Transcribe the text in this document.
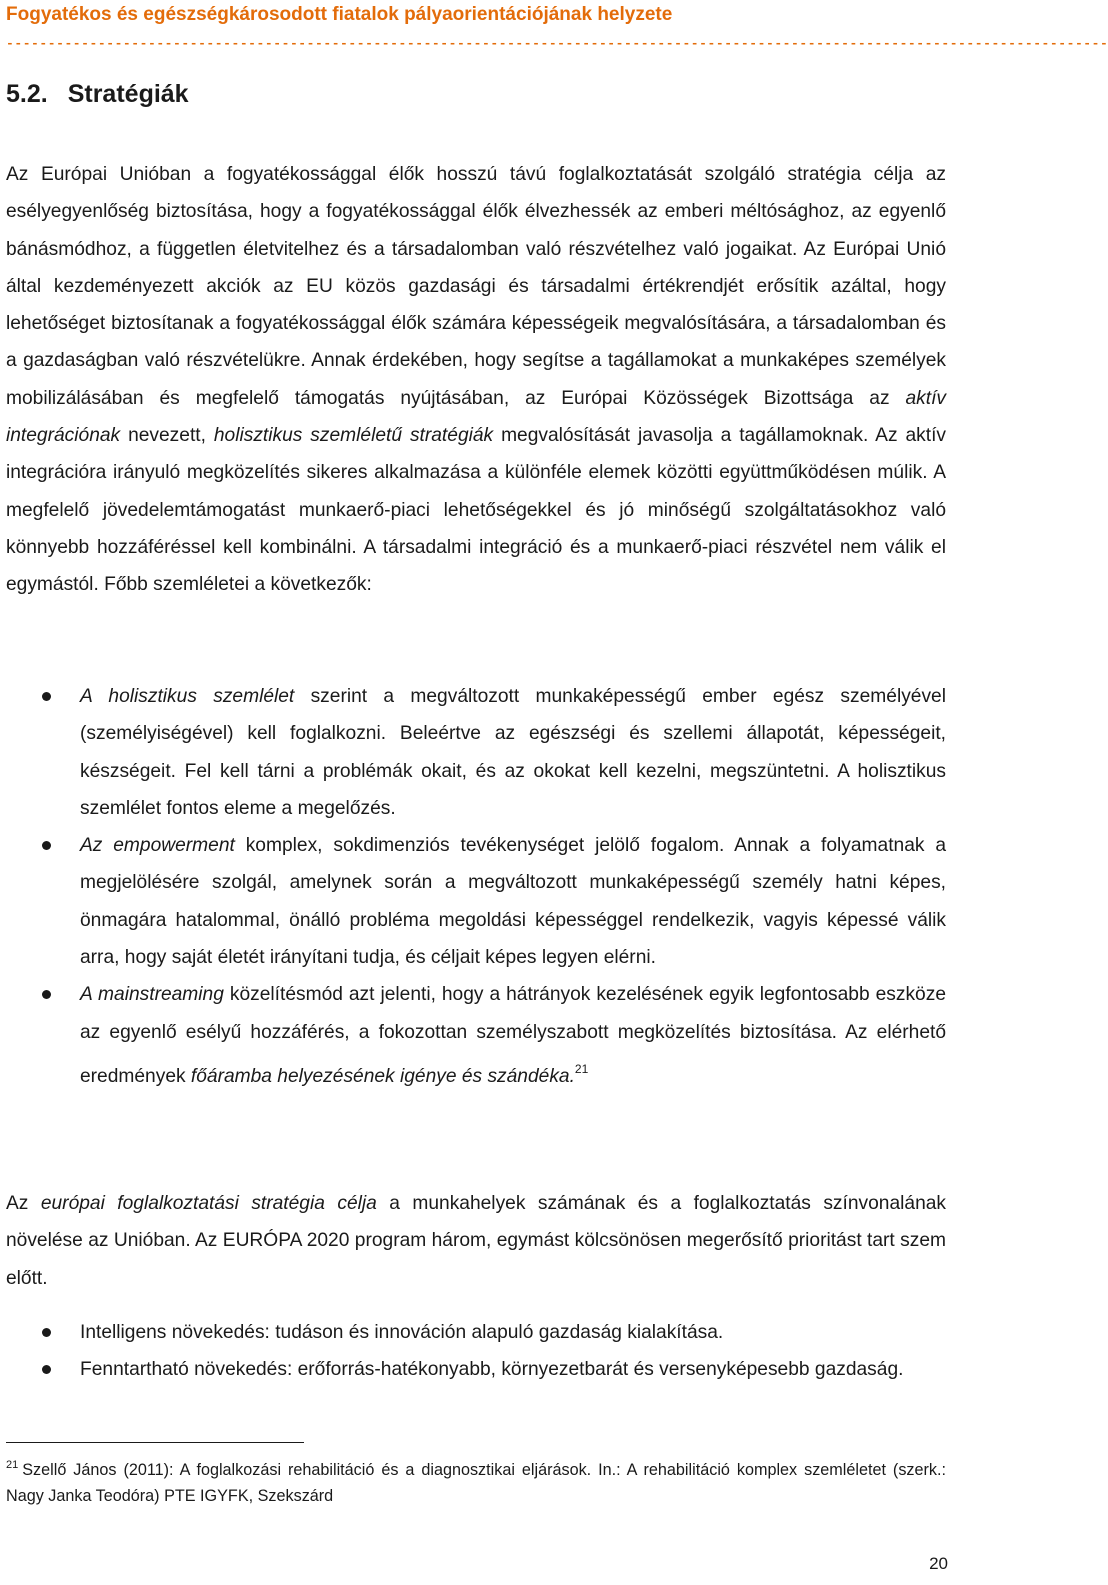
Fogyatékos és egészségkárosodott fiatalok pályaorientációjának helyzete
------------------------------------------------------------------------------------------------------------------------------------
5.2. Stratégiák
Az Európai Unióban a fogyatékossággal élők hosszú távú foglalkoztatását szolgáló stratégia célja az esélyegyenlőség biztosítása, hogy a fogyatékossággal élők élvezhessék az emberi méltósághoz, az egyenlő bánásmódhoz, a független életvitelhez és a társadalomban való részvételhez való jogaikat. Az Európai Unió által kezdeményezett akciók az EU közös gazdasági és társadalmi értékrendjét erősítik azáltal, hogy lehetőséget biztosítanak a fogyatékossággal élők számára képességeik megvalósítására, a társadalomban és a gazdaságban való részvételükre. Annak érdekében, hogy segítse a tagállamokat a munkaképes személyek mobilizálásában és megfelelő támogatás nyújtásában, az Európai Közösségek Bizottsága az aktív integrációnak nevezett, holisztikus szemléletű stratégiák megvalósítását javasolja a tagállamoknak. Az aktív integrációra irányuló megközelítés sikeres alkalmazása a különféle elemek közötti együttműködésen múlik. A megfelelő jövedelemtámogatást munkaerő-piaci lehetőségekkel és jó minőségű szolgáltatásokhoz való könnyebb hozzáféréssel kell kombinálni. A társadalmi integráció és a munkaerő-piaci részvétel nem válik el egymástól. Főbb szemléletei a következők:
A holisztikus szemlélet szerint a megváltozott munkaképességű ember egész személyével (személyiségével) kell foglalkozni. Beleértve az egészségi és szellemi állapotát, képességeit, készségeit. Fel kell tárni a problémák okait, és az okokat kell kezelni, megszüntetni. A holisztikus szemlélet fontos eleme a megelőzés.
Az empowerment komplex, sokdimenziós tevékenységet jelölő fogalom. Annak a folyamatnak a megjelölésére szolgál, amelynek során a megváltozott munkaképességű személy hatni képes, önmagára hatalommal, önálló probléma megoldási képességgel rendelkezik, vagyis képessé válik arra, hogy saját életét irányítani tudja, és céljait képes legyen elérni.
A mainstreaming közelítésmód azt jelenti, hogy a hátrányok kezelésének egyik legfontosabb eszköze az egyenlő esélyű hozzáférés, a fokozottan személyszabott megközelítés biztosítása. Az elérhető eredmények főáramba helyezésének igénye és szándéka.$^{21}$
Az európai foglalkoztatási stratégia célja a munkahelyek számának és a foglalkoztatás színvonalának növelése az Unióban. Az EURÓPA 2020 program három, egymást kölcsönösen megerősítő prioritást tart szem előtt.
Intelligens növekedés: tudáson és innováción alapuló gazdaság kialakítása.
Fenntartható növekedés: erőforrás-hatékonyabb, környezetbarát és versenyképesebb gazdaság.
$^{21}$ Szellő János (2011): A foglalkozási rehabilitáció és a diagnosztikai eljárások. In.: A rehabilitáció komplex szemléletet (szerk.: Nagy Janka Teodóra) PTE IGYFK, Szekszárd
20
